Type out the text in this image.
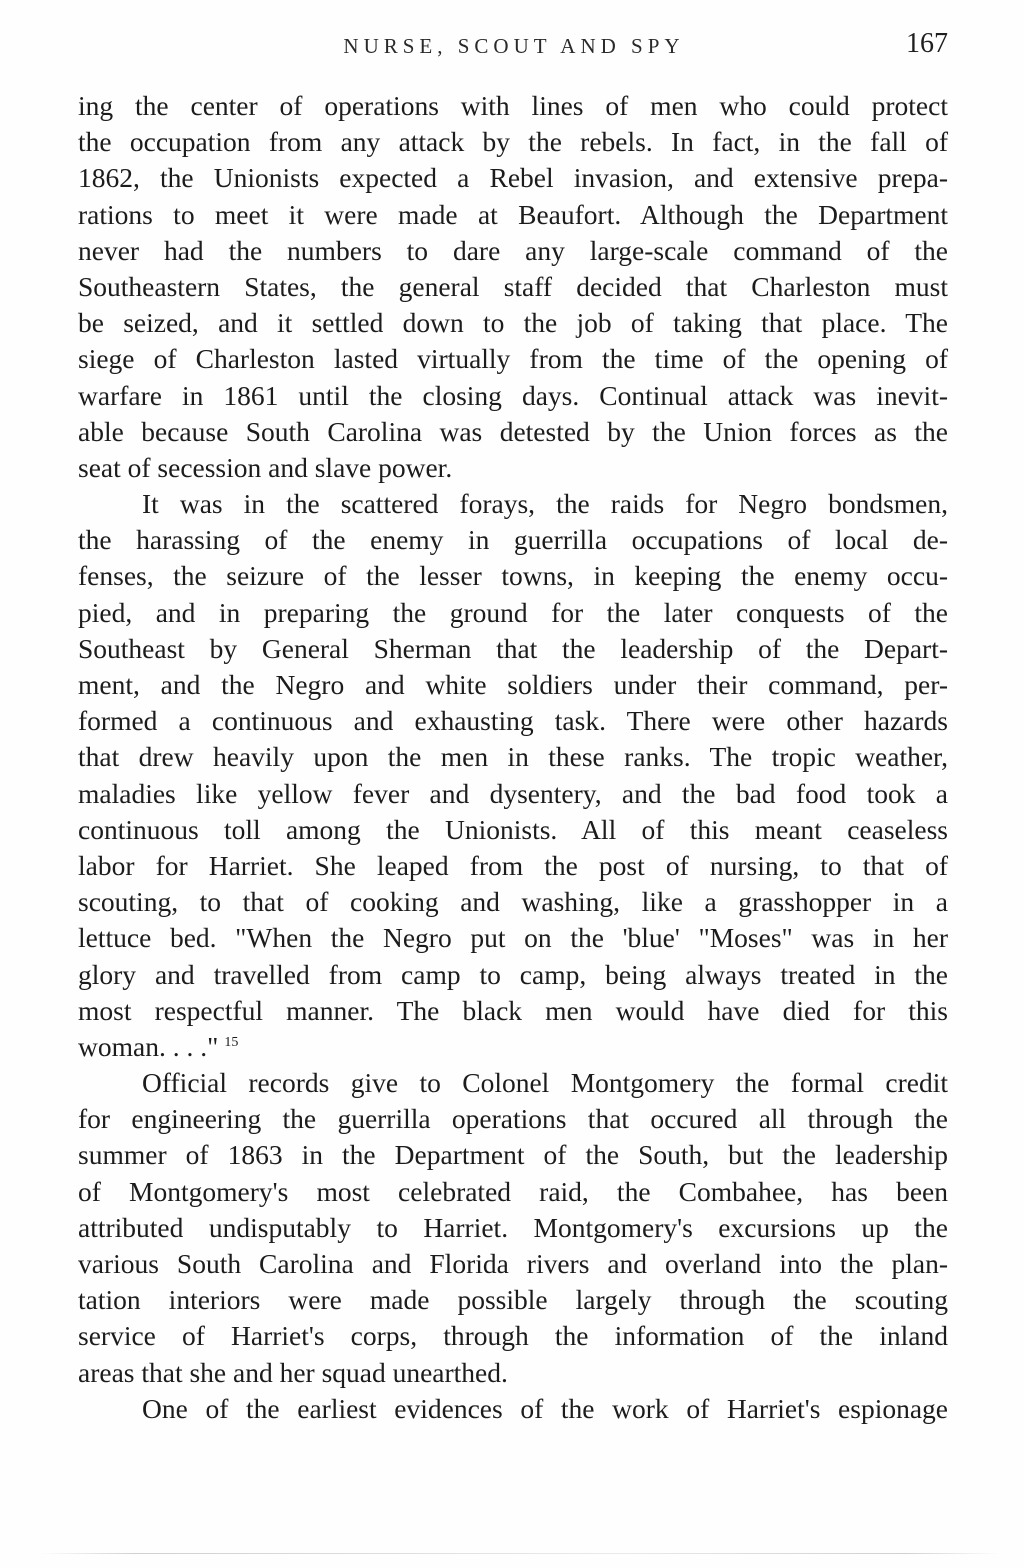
NURSE, SCOUT AND SPY	167
ing the center of operations with lines of men who could protect
the occupation from any attack by the rebels. In fact, in the fall of
1862, the Unionists expected a Rebel invasion, and extensive prepa-
rations to meet it were made at Beaufort. Although the Department
never had the numbers to dare any large-scale command of the
Southeastern States, the general staff decided that Charleston must
be seized, and it settled down to the job of taking that place. The
siege of Charleston lasted virtually from the time of the opening of
warfare in 1861 until the closing days. Continual attack was inevit-
able because South Carolina was detested by the Union forces as the
seat of secession and slave power.
It was in the scattered forays, the raids for Negro bondsmen,
the harassing of the enemy in guerrilla occupations of local de-
fenses, the seizure of the lesser towns, in keeping the enemy occu-
pied, and in preparing the ground for the later conquests of the
Southeast by General Sherman that the leadership of the Depart-
ment, and the Negro and white soldiers under their command, per-
formed a continuous and exhausting task. There were other hazards
that drew heavily upon the men in these ranks. The tropic weather,
maladies like yellow fever and dysentery, and the bad food took a
continuous toll among the Unionists. All of this meant ceaseless
labor for Harriet. She leaped from the post of nursing, to that of
scouting, to that of cooking and washing, like a grasshopper in a
lettuce bed. "When the Negro put on the 'blue' "Moses" was in her
glory and travelled from camp to camp, being always treated in the
most respectful manner. The black men would have died for this
woman. . . ." $^{15}$
Official records give to Colonel Montgomery the formal credit
for engineering the guerrilla operations that occured all through the
summer of 1863 in the Department of the South, but the leadership
of Montgomery's most celebrated raid, the Combahee, has been
attributed undisputably to Harriet. Montgomery's excursions up the
various South Carolina and Florida rivers and overland into the plan-
tation interiors were made possible largely through the scouting
service of Harriet's corps, through the information of the inland
areas that she and her squad unearthed.
One of the earliest evidences of the work of Harriet's espionage
